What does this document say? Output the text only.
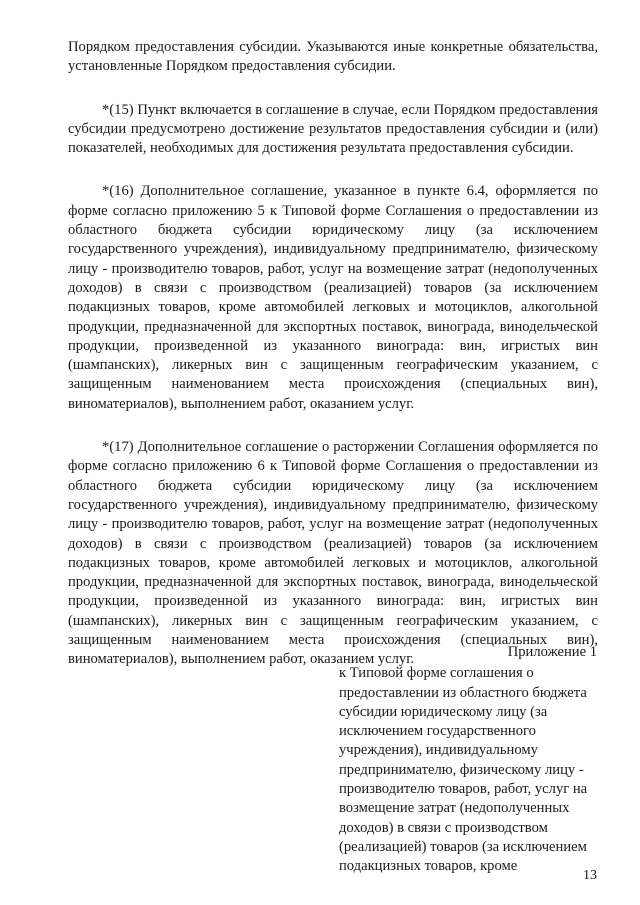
Порядком предоставления субсидии. Указываются иные конкретные обязательства, установленные Порядком предоставления субсидии.

*(15) Пункт включается в соглашение в случае, если Порядком предоставления субсидии предусмотрено достижение результатов предоставления субсидии и (или) показателей, необходимых для достижения результата предоставления субсидии.

*(16) Дополнительное соглашение, указанное в пункте 6.4, оформляется по форме согласно приложению 5 к Типовой форме Соглашения о предоставлении из областного бюджета субсидии юридическому лицу (за исключением государственного учреждения), индивидуальному предпринимателю, физическому лицу - производителю товаров, работ, услуг на возмещение затрат (недополученных доходов) в связи с производством (реализацией) товаров (за исключением подакцизных товаров, кроме автомобилей легковых и мотоциклов, алкогольной продукции, предназначенной для экспортных поставок, винограда, винодельческой продукции, произведенной из указанного винограда: вин, игристых вин (шампанских), ликерных вин с защищенным географическим указанием, с защищенным наименованием места происхождения (специальных вин), виноматериалов), выполнением работ, оказанием услуг.

*(17) Дополнительное соглашение о расторжении Соглашения оформляется по форме согласно приложению 6 к Типовой форме Соглашения о предоставлении из областного бюджета субсидии юридическому лицу (за исключением государственного учреждения), индивидуальному предпринимателю, физическому лицу - производителю товаров, работ, услуг на возмещение затрат (недополученных доходов) в связи с производством (реализацией) товаров (за исключением подакцизных товаров, кроме автомобилей легковых и мотоциклов, алкогольной продукции, предназначенной для экспортных поставок, винограда, винодельческой продукции, произведенной из указанного винограда: вин, игристых вин (шампанских), ликерных вин с защищенным географическим указанием, с защищенным наименованием места происхождения (специальных вин), виноматериалов), выполнением работ, оказанием услуг.	Приложение 1

к Типовой форме соглашения о предоставлении из областного бюджета субсидии юридическому лицу (за исключением государственного учреждения), индивидуальному предпринимателю, физическому лицу - производителю товаров, работ, услуг на возмещение затрат (недополученных доходов) в связи с производством (реализацией) товаров (за исключением подакцизных товаров, кроме

13
